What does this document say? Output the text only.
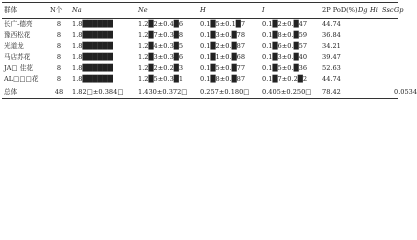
群体	N个	Na	Ne	H	I	2P PoD(%)	Dg	Hi	Ssc	Gp
长广-德亮	8	1.8██████	1.2█2±0.4█6	0.1█5±0.1█7	0.1█2±0.█47	44.74				
豫西松花	8	1.8██████	1.2█7±0.3█8	0.1█3±0.█78	0.1█8±0.█59	36.84				
光道龙	8	1.8██████	1.2█4±0.3█5	0.1█2±0.█87	0.1█6±0.█57	34.21				
马店苏花	8	1.8██████	1.2█3±0.3█6	0.1█1±0.█68	0.1█3±0.█40	39.47				
JA□ 佳花	8	1.8██████	1.2█2±0.2█3	0.1█5±0.█77	0.1█5±0.█36	52.63				
AL□□□花	8	1.8██████	1.2█5±0.3█1	0.1█8±0.█87	0.1█7±0.2█2	44.74				
总体	48	1.82□±0.384□	1.430±0.372□	0.257±0.180□	0.405±0.250□	78.42				0.0534
